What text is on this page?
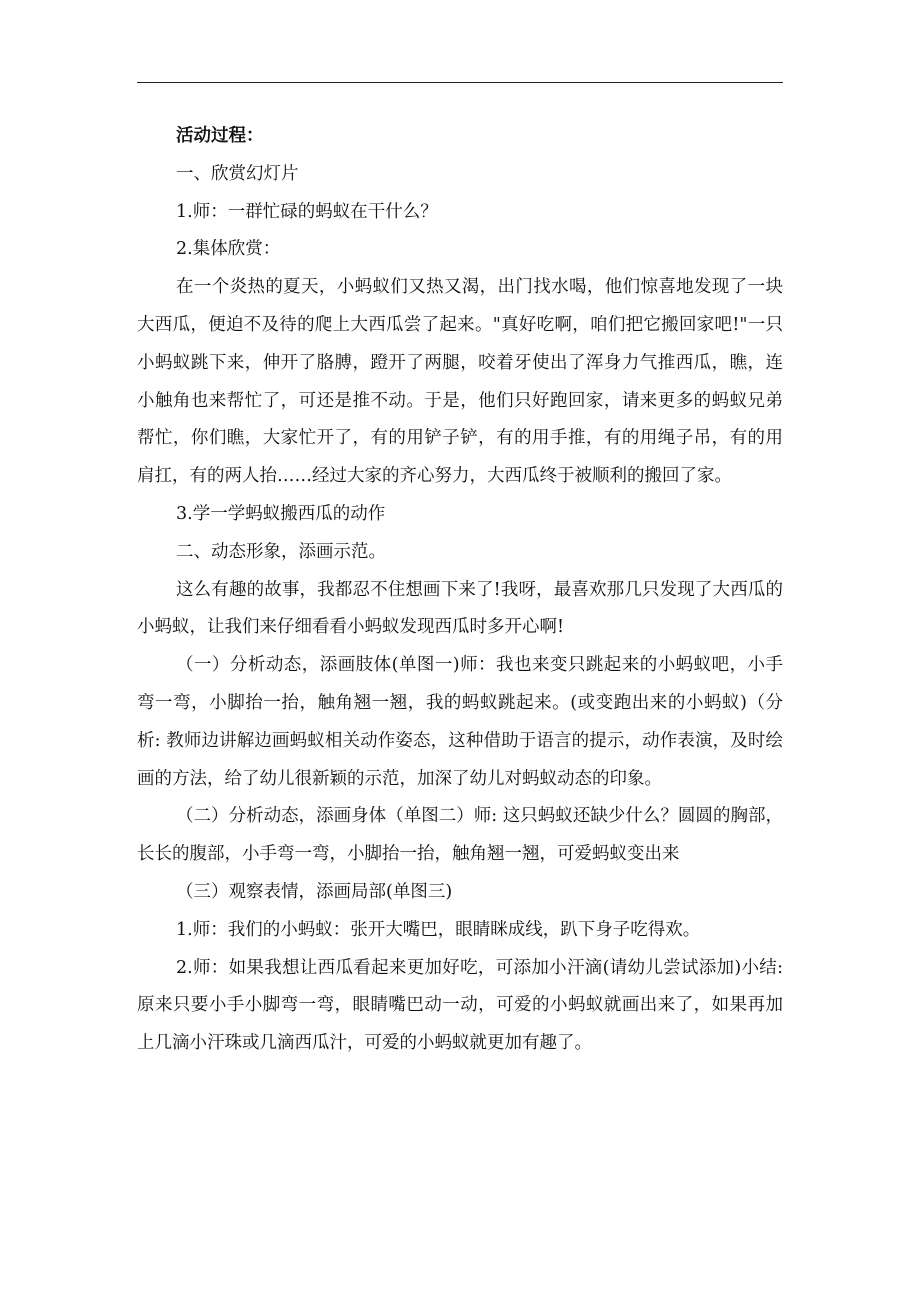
活动过程：

一、欣赏幻灯片

1.师：一群忙碌的蚂蚁在干什么？

2.集体欣赏：

在一个炎热的夏天，小蚂蚁们又热又渴，出门找水喝，他们惊喜地发现了一块大西瓜，便迫不及待的爬上大西瓜尝了起来。"真好吃啊，咱们把它搬回家吧!"一只小蚂蚁跳下来，伸开了胳膊，蹬开了两腿，咬着牙使出了浑身力气推西瓜，瞧，连小触角也来帮忙了，可还是推不动。于是，他们只好跑回家，请来更多的蚂蚁兄弟帮忙，你们瞧，大家忙开了，有的用铲子铲，有的用手推，有的用绳子吊，有的用肩扛，有的两人抬……经过大家的齐心努力，大西瓜终于被顺利的搬回了家。

3.学一学蚂蚁搬西瓜的动作

二、动态形象，添画示范。

这么有趣的故事，我都忍不住想画下来了!我呀，最喜欢那几只发现了大西瓜的小蚂蚁，让我们来仔细看看小蚂蚁发现西瓜时多开心啊!

（一）分析动态，添画肢体(单图一)师：我也来变只跳起来的小蚂蚁吧，小手弯一弯，小脚抬一抬，触角翘一翘，我的蚂蚁跳起来。(或变跑出来的小蚂蚁)（分析: 教师边讲解边画蚂蚁相关动作姿态，这种借助于语言的提示，动作表演，及时绘画的方法，给了幼儿很新颖的示范，加深了幼儿对蚂蚁动态的印象。

（二）分析动态，添画身体（单图二）师: 这只蚂蚁还缺少什么？圆圆的胸部，长长的腹部，小手弯一弯，小脚抬一抬，触角翘一翘，可爱蚂蚁变出来

（三）观察表情，添画局部(单图三)

1.师：我们的小蚂蚁：张开大嘴巴，眼睛眯成线，趴下身子吃得欢。

2.师：如果我想让西瓜看起来更加好吃，可添加小汗滴(请幼儿尝试添加)小结: 原来只要小手小脚弯一弯，眼睛嘴巴动一动，可爱的小蚂蚁就画出来了，如果再加上几滴小汗珠或几滴西瓜汁，可爱的小蚂蚁就更加有趣了。
